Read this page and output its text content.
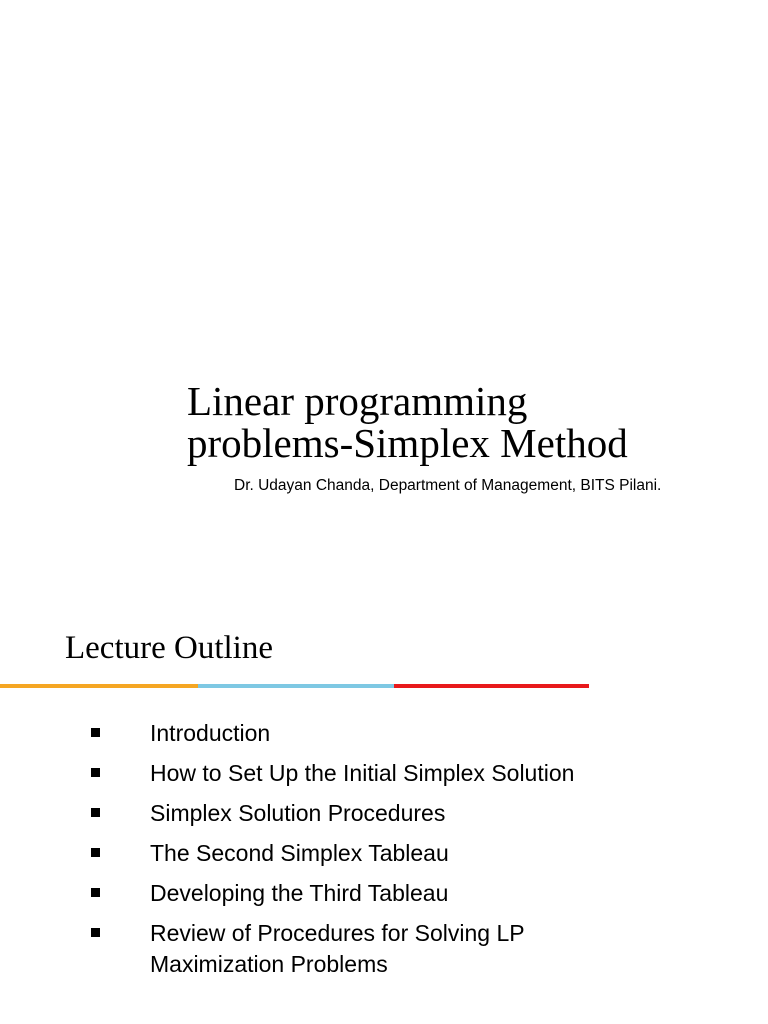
Linear programming
problems-Simplex Method
Dr. Udayan Chanda, Department of Management, BITS Pilani.
Lecture Outline
Introduction
How to Set Up the Initial Simplex Solution
Simplex Solution Procedures
The Second Simplex Tableau
Developing the Third Tableau
Review of Procedures for Solving LP
Maximization Problems
